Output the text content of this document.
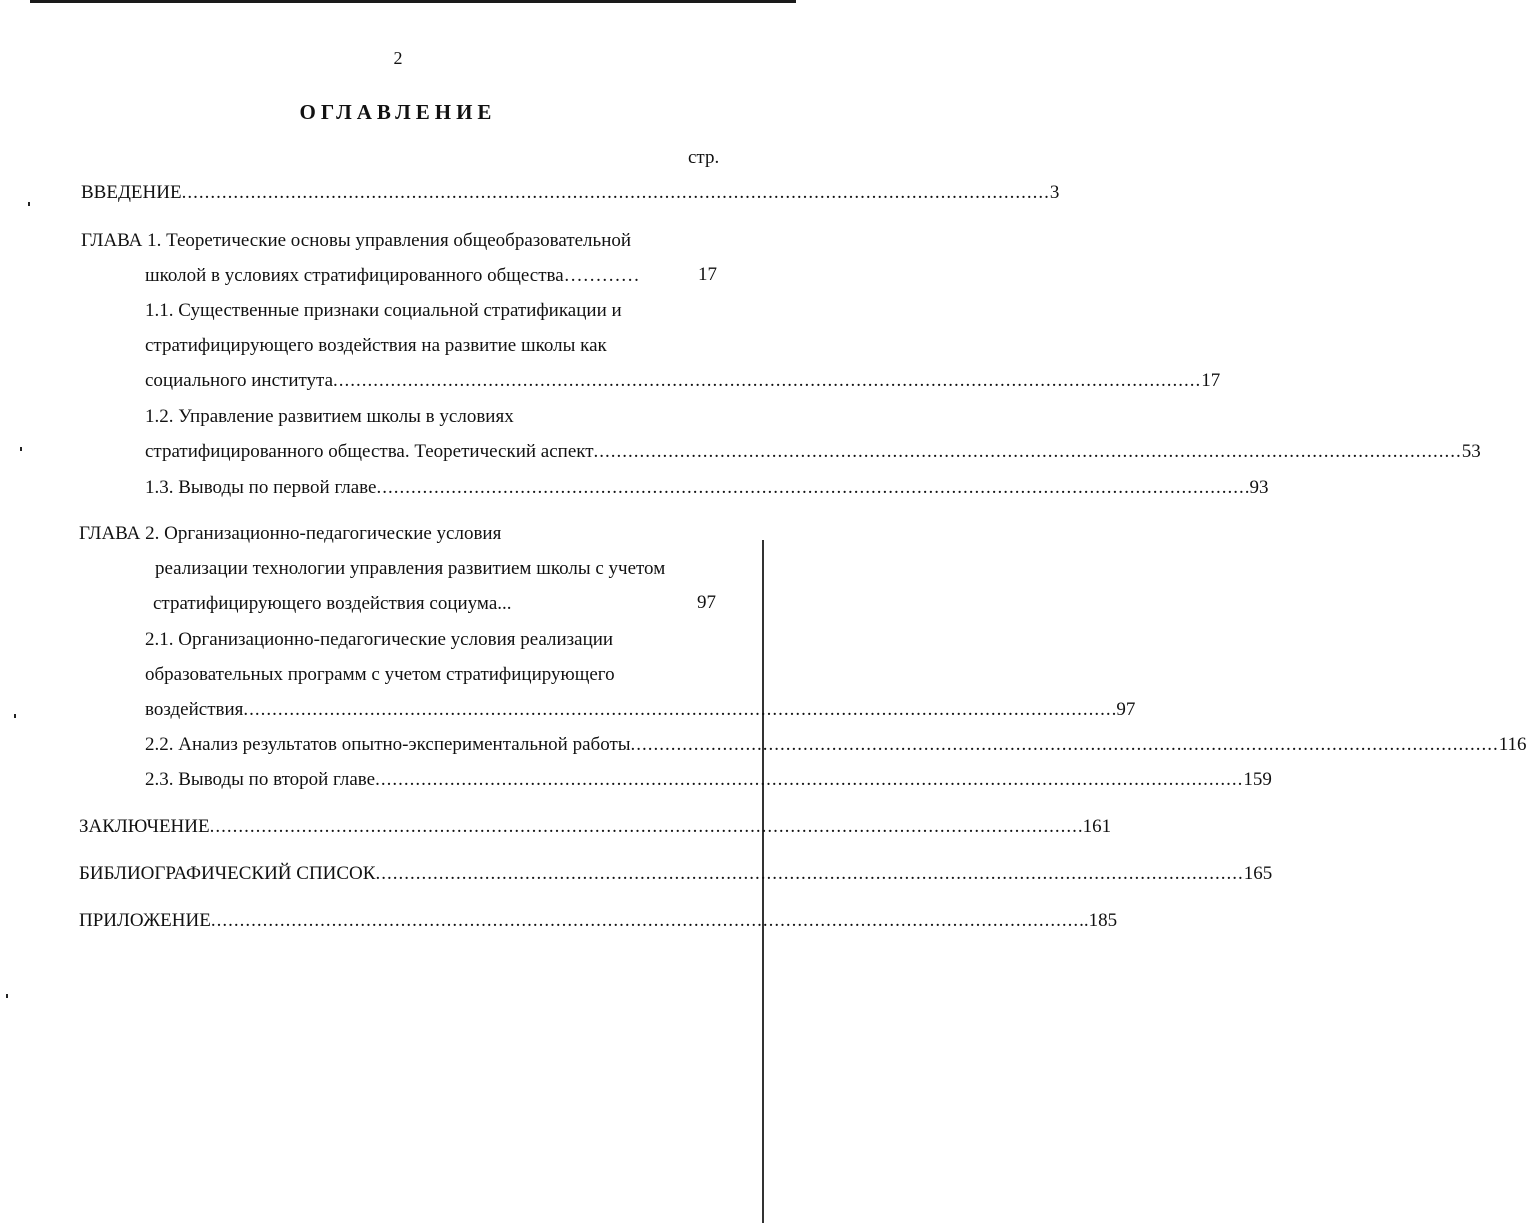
2
ОГЛАВЛЕНИЕ
стр.
ВВЕДЕНИЕ ....................................................................................................................................................... 3
ГЛАВА 1. Теоретические основы управления общеобразовательной
школой в условиях стратифицированного общества…………	17
1.1. Существенные признаки социальной стратификации и
стратифицирующего воздействия на развитие школы как
социального института ....................................................................................................................................................... 17
1.2. Управление развитием школы в условиях
стратифицированного общества. Теоретический аспект ....................................................................................................................................................... 53
1.3. Выводы по первой главе ....................................................................................................................................................... .93
ГЛАВА 2. Организационно-педагогические условия
реализации технологии управления развитием школы с учетом
стратифицирующего воздействия социума...	97
2.1. Организационно-педагогические условия реализации
образовательных программ с учетом стратифицирующего
воздействия ....................................................................................................................................................... .97
2.2. Анализ результатов опытно-экспериментальной работы ....................................................................................................................................................... 116
2.3. Выводы по второй главе ....................................................................................................................................................... 159
ЗАКЛЮЧЕНИЕ ....................................................................................................................................................... .161
БИБЛИОГРАФИЧЕСКИЙ СПИСОК ....................................................................................................................................................... 165
ПРИЛОЖЕНИЕ ....................................................................................................................................................... ..185
